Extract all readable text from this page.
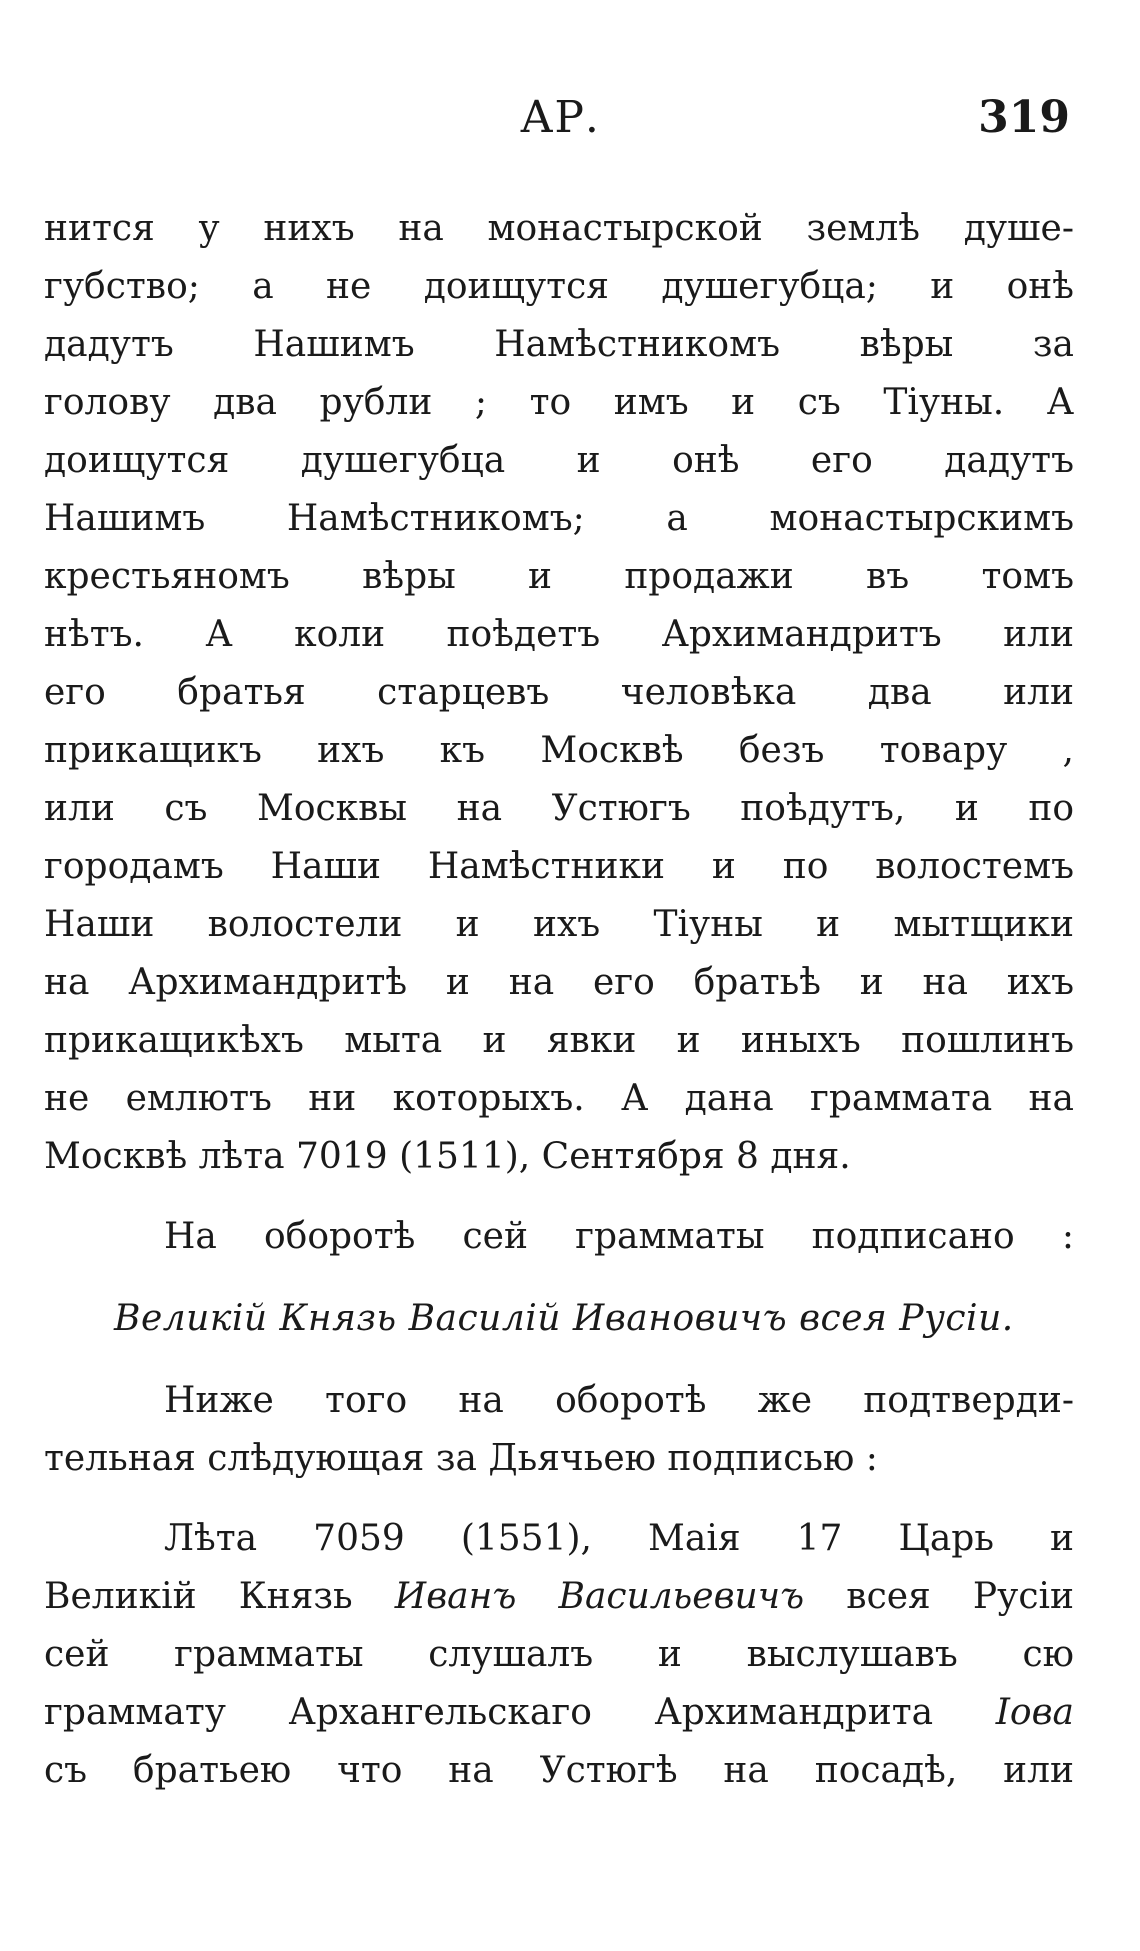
АР.	319
нится у нихъ на монастырской землѣ душе-
губство; а не доищутся душегубца; и онѣ
дадутъ Нашимъ Намѣстникомъ вѣры за
голову два рубли ; то имъ и съ Тіуны. А
доищутся душегубца и онѣ его дадутъ
Нашимъ Намѣстникомъ; а монастырскимъ
крестьяномъ вѣры и продажи въ томъ
нѣтъ. А коли поѣдетъ Архимандритъ или
его братья старцевъ человѣка два или
прикащикъ ихъ къ Москвѣ безъ товару ,
или съ Москвы на Устюгъ поѣдутъ, и по
городамъ Наши Намѣстники и по волостемъ
Наши волостели и ихъ Тіуны и мытщики
на Архимандритѣ и на его братьѣ и на ихъ
прикащикѣхъ мыта и явки и иныхъ пошлинъ
не емлютъ ни которыхъ. А дана граммата на
Москвѣ лѣта 7019 (1511), Сентября 8 дня.
На оборотѣ сей грамматы подписано :
Великій Князь Василій Ивановичъ всея Русіи.
Ниже того на оборотѣ же подтверди-
тельная слѣдующая за Дьячьею подписью :
Лѣта 7059 (1551), Маія 17 Царь и
Великій Князь Иванъ Васильевичъ всея Русіи
сей грамматы слушалъ и выслушавъ сю
граммату Архангельскаго Архимандрита Іова
съ братьею что на Устюгѣ на посадѣ, или
